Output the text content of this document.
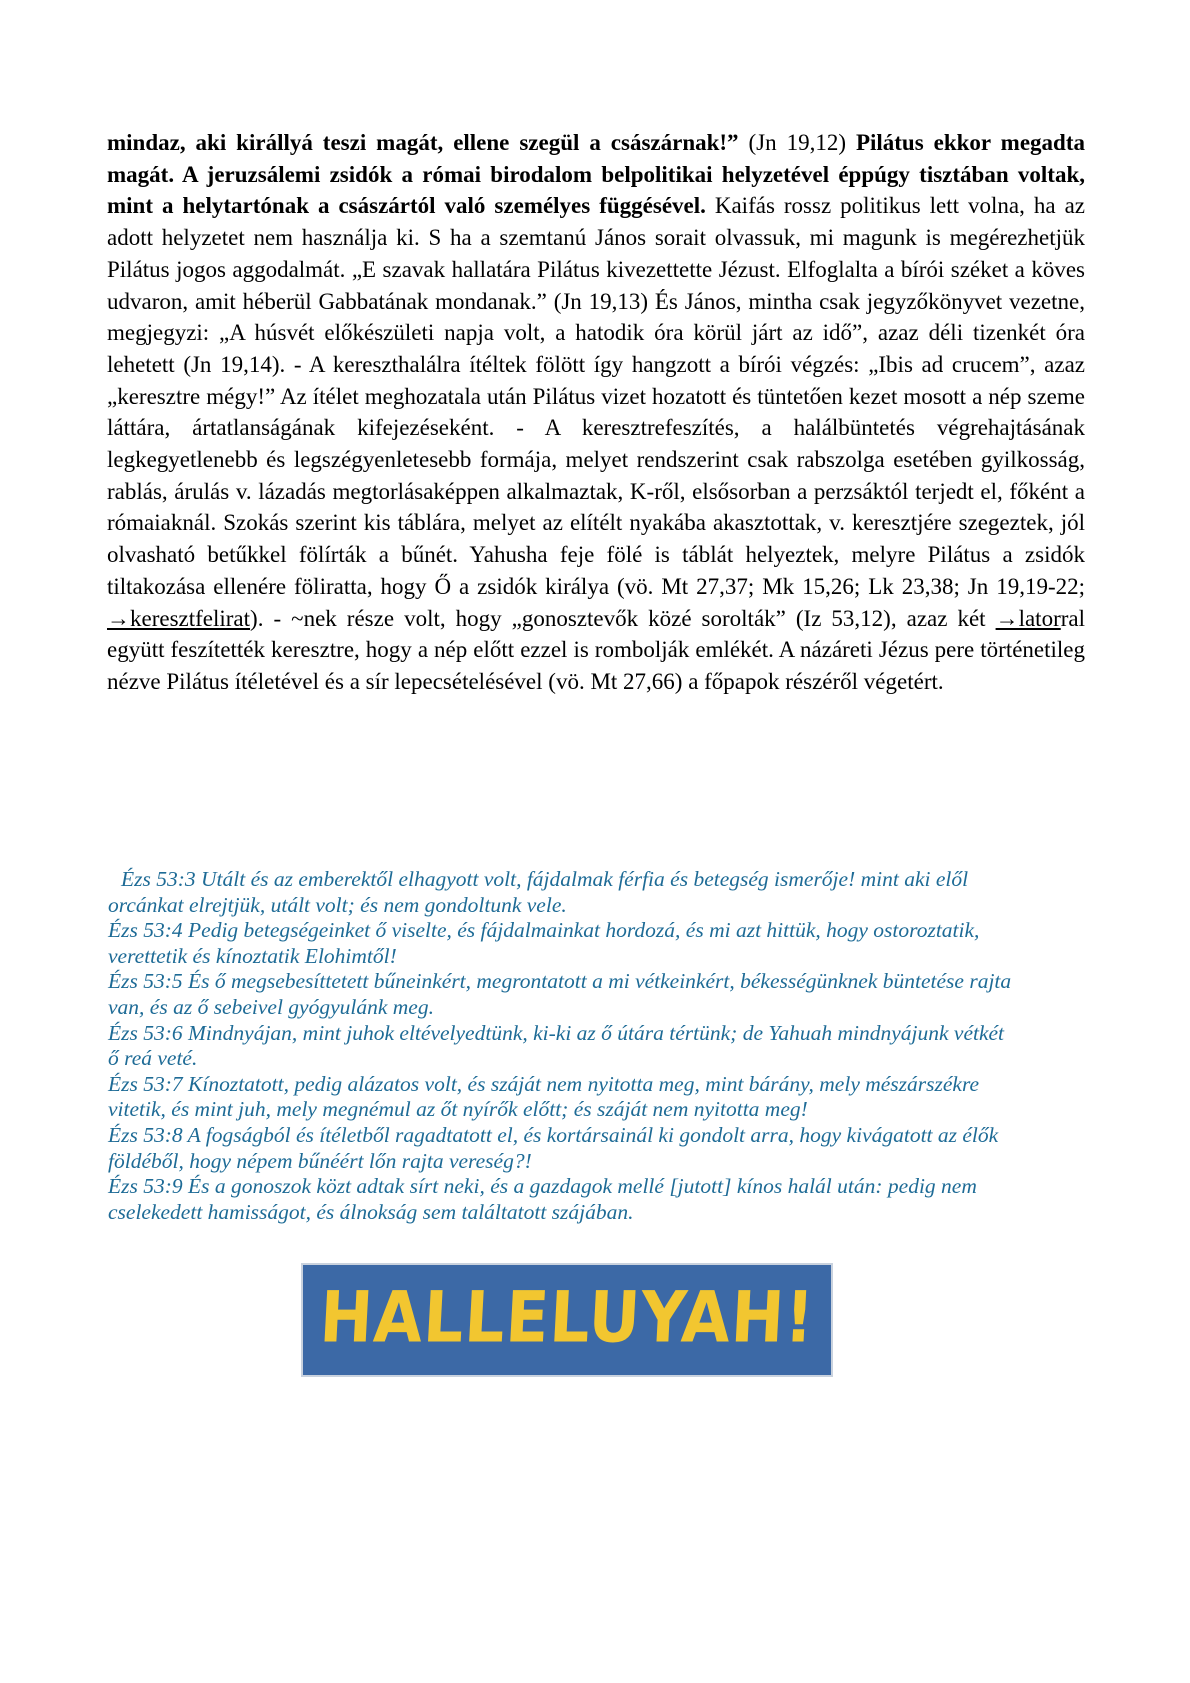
mindaz, aki királlyá teszi magát, ellene szegül a császárnak!” (Jn 19,12) Pilátus ekkor megadta magát. A jeruzsálemi zsidók a római birodalom belpolitikai helyzetével éppúgy tisztában voltak, mint a helytartónak a császártól való személyes függésével. Kaifás rossz politikus lett volna, ha az adott helyzetet nem használja ki. S ha a szemtanú János sorait olvassuk, mi magunk is megérezhetjük Pilátus jogos aggodalmát. „E szavak hallatára Pilátus kivezettette Jézust. Elfoglalta a bírói széket a köves udvaron, amit héberül Gabbatának mondanak.” (Jn 19,13) És János, mintha csak jegyzőkönyvet vezetne, megjegyzi: „A húsvét előkészületi napja volt, a hatodik óra körül járt az idő”, azaz déli tizenkét óra lehetett (Jn 19,14). - A kereszthalálra ítéltek fölött így hangzott a bírói végzés: „Ibis ad crucem”, azaz „keresztre mégy!” Az ítélet meghozatala után Pilátus vizet hozatott és tüntetően kezet mosott a nép szeme láttára, ártatlanságának kifejezéseként. - A keresztrefeszítés, a halálbüntetés végrehajtásának legkegyetlenebb és legszégyenletesebb formája, melyet rendszerint csak rabszolga esetében gyilkosság, rablás, árulás v. lázadás megtorlásaképpen alkalmaztak, K-ről, elsősorban a perzsáktól terjedt el, főként a rómaiaknál. Szokás szerint kis táblára, melyet az elítélt nyakába akasztottak, v. keresztjére szegeztek, jól olvasható betűkkel fölírták a bűnét. Yahusha feje fölé is táblát helyeztek, melyre Pilátus a zsidók tiltakozása ellenére föliratta, hogy Ő a zsidók királya (vö. Mt 27,37; Mk 15,26; Lk 23,38; Jn 19,19-22; →keresztfelirat). - ~nek része volt, hogy „gonosztevők közé sorolták” (Iz 53,12), azaz két →latorral együtt feszítették keresztre, hogy a nép előtt ezzel is rombolják emlékét. A názáreti Jézus pere történetileg nézve Pilátus ítéletével és a sír lepecsételésével (vö. Mt 27,66) a főpapok részéről végetért.

Ézs 53:3 Utált és az emberektől elhagyott volt, fájdalmak férfia és betegség ismerője! mint aki elől orcánkat elrejtjük, utált volt; és nem gondoltunk vele.

Ézs 53:4 Pedig betegségeinket ő viselte, és fájdalmainkat hordozá, és mi azt hittük, hogy ostoroztatik, verettetik és kínoztatik Elohimtől!

Ézs 53:5 És ő megsebesíttetett bűneinkért, megrontatott a mi vétkeinkért, békességünknek büntetése rajta van, és az ő sebeivel gyógyulánk meg.

Ézs 53:6 Mindnyájan, mint juhok eltévelyedtünk, ki-ki az ő útára tértünk; de Yahuah mindnyájunk vétkét ő reá veté.

Ézs 53:7 Kínoztatott, pedig alázatos volt, és száját nem nyitotta meg, mint bárány, mely mészárszékre vitetik, és mint juh, mely megnémul az őt nyírők előtt; és száját nem nyitotta meg!

Ézs 53:8 A fogságból és ítéletből ragadtatott el, és kortársainál ki gondolt arra, hogy kivágatott az élők földéből, hogy népem bűnéért lőn rajta vereség?!

Ézs 53:9 És a gonoszok közt adtak sírt neki, és a gazdagok mellé [jutott] kínos halál után: pedig nem cselekedett hamisságot, és álnokság sem találtatott szájában.

HALLELUYAH!
